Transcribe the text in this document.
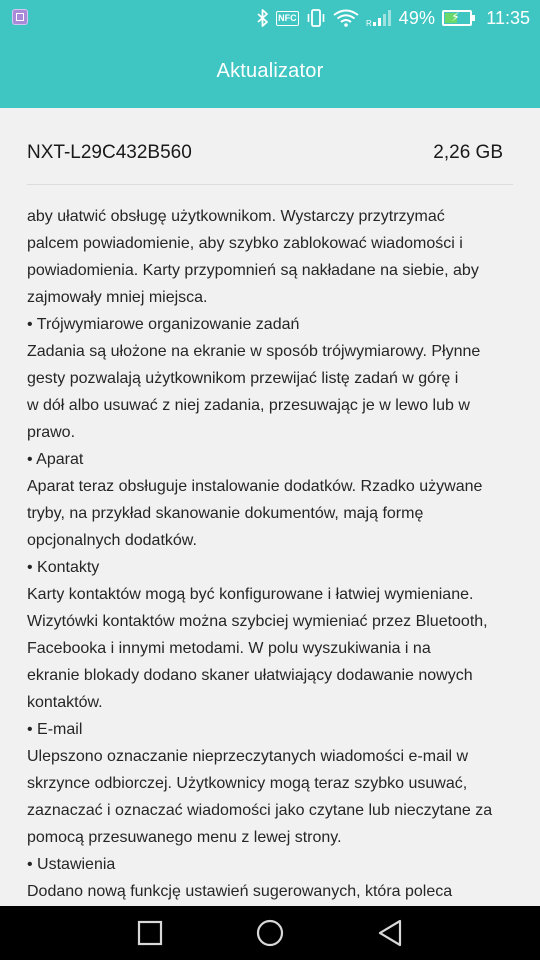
NFC
R 49% ⚡ 11:35
Aktualizator
NXT-L29C432B560	2,26 GB
aby ułatwić obsługę użytkownikom. Wystarczy przytrzymać
palcem powiadomienie, aby szybko zablokować wiadomości i
powiadomienia. Karty przypomnień są nakładane na siebie, aby
zajmowały mniej miejsca.
• Trójwymiarowe organizowanie zadań
Zadania są ułożone na ekranie w sposób trójwymiarowy. Płynne
gesty pozwalają użytkownikom przewijać listę zadań w górę i
w dół albo usuwać z niej zadania, przesuwając je w lewo lub w
prawo.
• Aparat
Aparat teraz obsługuje instalowanie dodatków. Rzadko używane
tryby, na przykład skanowanie dokumentów, mają formę
opcjonalnych dodatków.
• Kontakty
Karty kontaktów mogą być konfigurowane i łatwiej wymieniane.
Wizytówki kontaktów można szybciej wymieniać przez Bluetooth,
Facebooka i innymi metodami. W polu wyszukiwania i na
ekranie blokady dodano skaner ułatwiający dodawanie nowych
kontaktów.
• E-mail
Ulepszono oznaczanie nieprzeczytanych wiadomości e-mail w
skrzynce odbiorczej. Użytkownicy mogą teraz szybko usuwać,
zaznaczać i oznaczać wiadomości jako czytane lub nieczytane za
pomocą przesuwanego menu z lewej strony.
• Ustawienia
Dodano nową funkcję ustawień sugerowanych, która poleca
